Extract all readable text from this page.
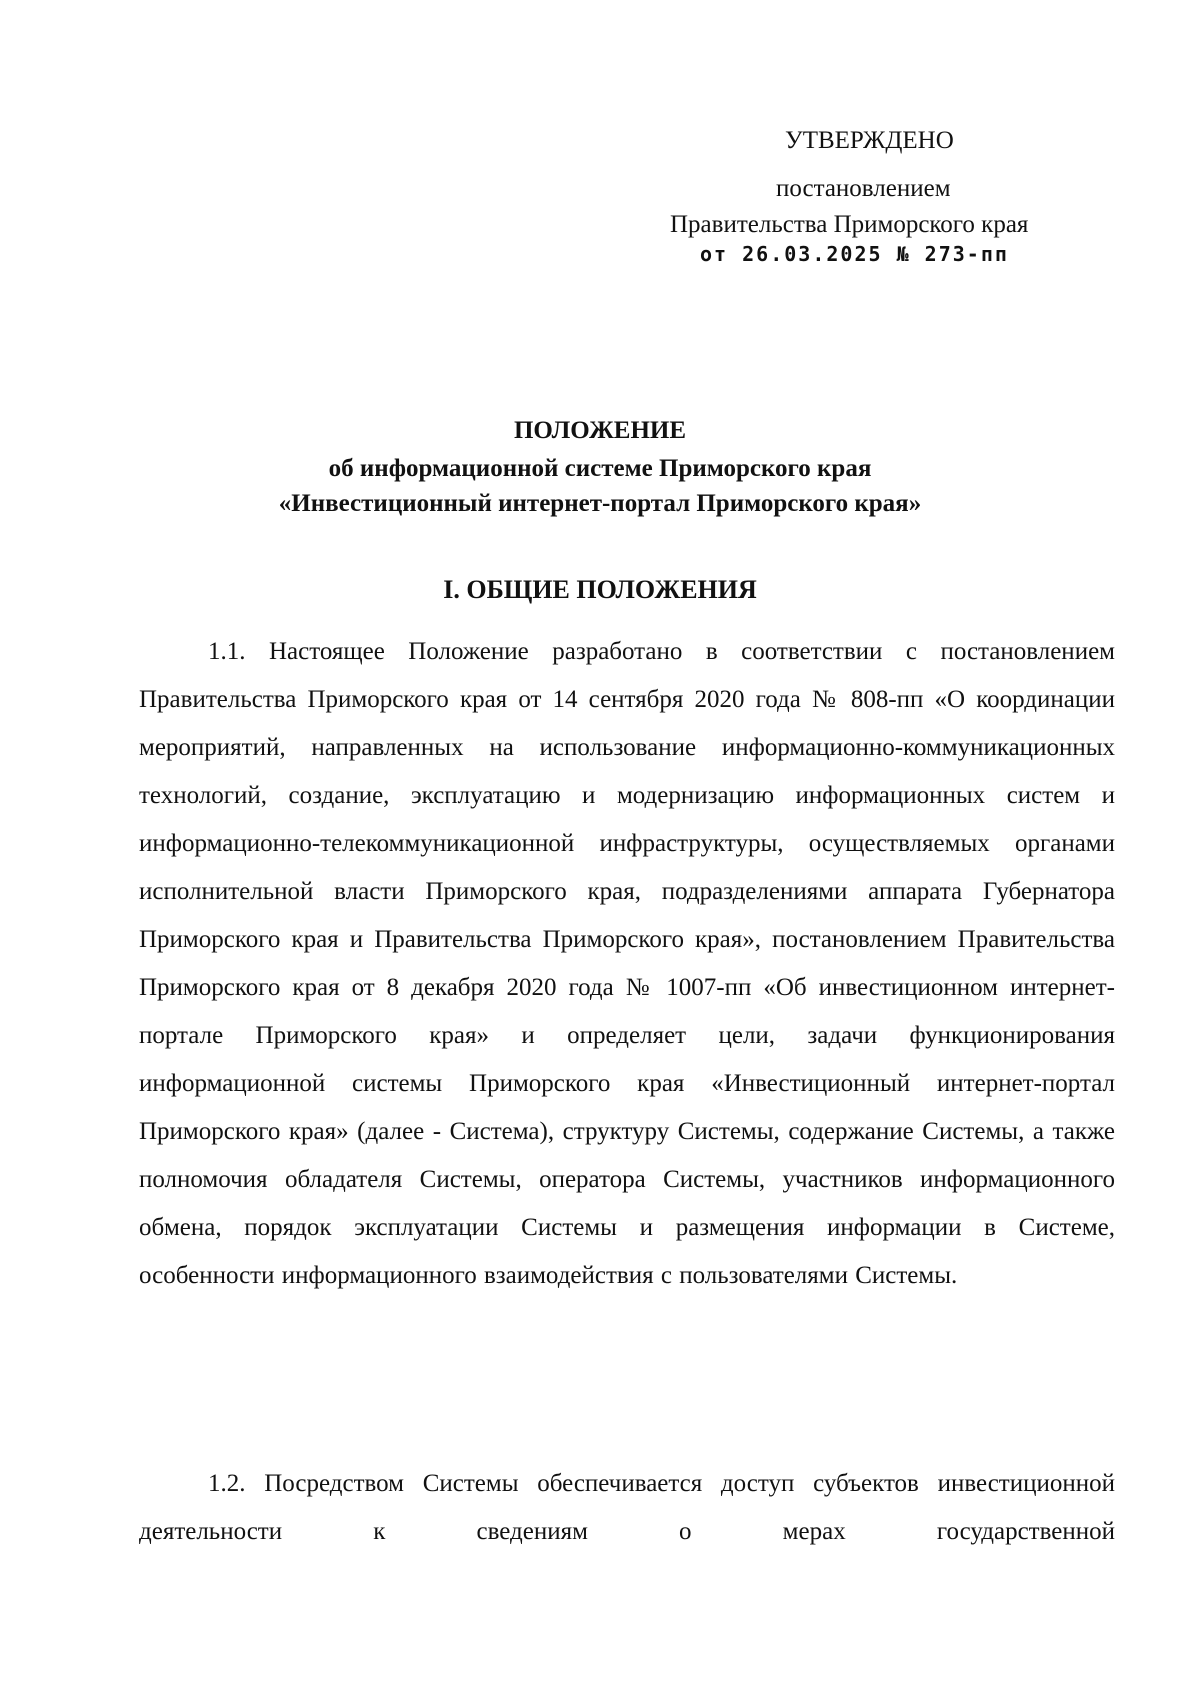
УТВЕРЖДЕНО
постановлением
Правительства Приморского края
от 26.03.2025 № 273-пп
ПОЛОЖЕНИЕ
об информационной системе Приморского края
«Инвестиционный интернет-портал Приморского края»
I. ОБЩИЕ ПОЛОЖЕНИЯ

1.1. Настоящее Положение разработано в соответствии с постановлением Правительства Приморского края от 14 сентября 2020 года № 808-пп «О координации мероприятий, направленных на использование информационно-коммуникационных технологий, создание, эксплуатацию и модернизацию информационных систем и информационно-телекоммуникационной инфраструктуры, осуществляемых органами исполнительной власти Приморского края, подразделениями аппарата Губернатора Приморского края и Правительства Приморского края», постановлением Правительства Приморского края от 8 декабря 2020 года № 1007-пп «Об инвестиционном интернет-портале Приморского края» и определяет цели, задачи функционирования информационной системы Приморского края «Инвестиционный интернет-портал Приморского края» (далее - Система), структуру Системы, содержание Системы, а также полномочия обладателя Системы, оператора Системы, участников информационного обмена, порядок эксплуатации Системы и размещения информации в Системе, особенности информационного взаимодействия с пользователями Системы.

1.2. Посредством Системы обеспечивается доступ субъектов инвестиционной деятельности к сведениям о мерах государственной
